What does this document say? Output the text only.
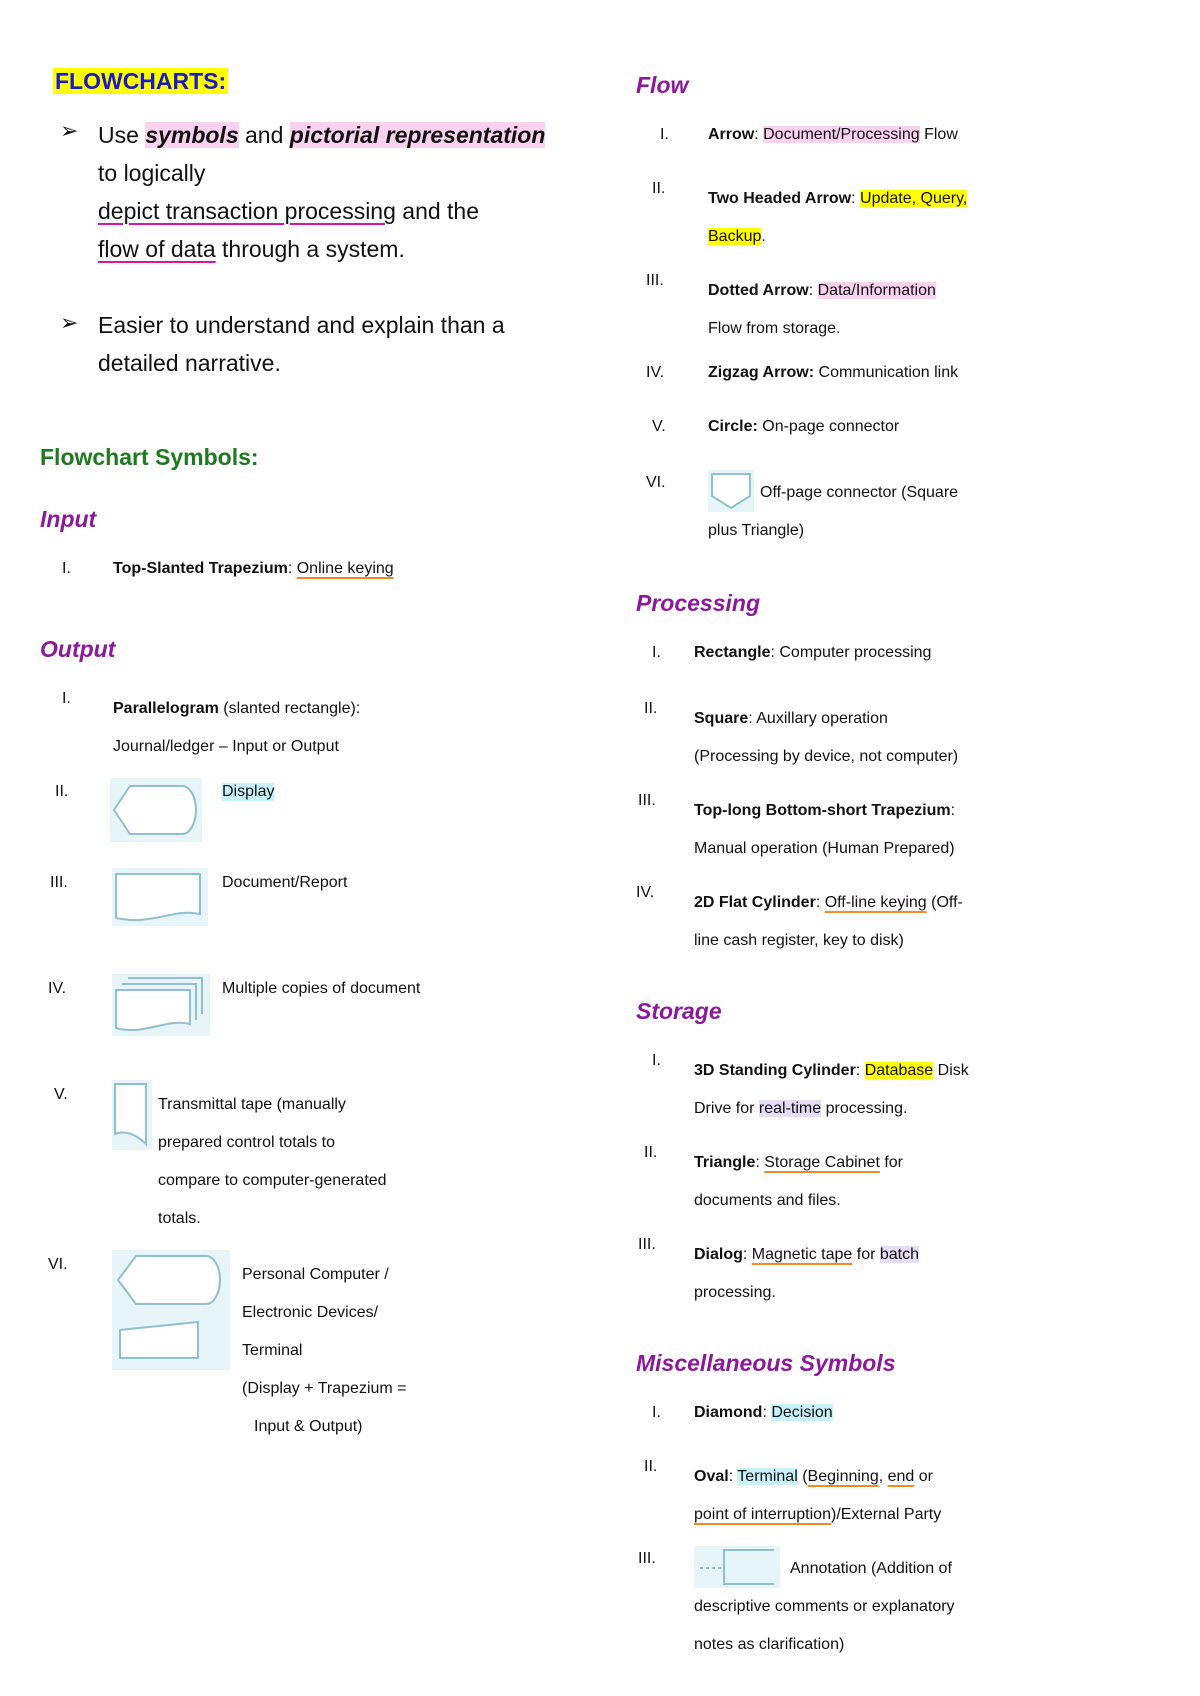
FLOWCHARTS:
➢ Use symbols and pictorial representation to logically
depict transaction processing and the
flow of data through a system.
➢ Easier to understand and explain than a
detailed narrative.
Flowchart Symbols:
Input
I.	Top-Slanted Trapezium: Online keying
Output
I.
Parallelogram (slanted rectangle):
Journal/ledger – Input or Output
II.	Display
III.	Document/Report
IV.	Multiple copies of document
V.
Transmittal tape (manually
prepared control totals to
compare to computer-generated
totals.
VI.
Personal Computer /
Electronic Devices/
Terminal
(Display + Trapezium =
Input & Output)
Flow
I.	Arrow: Document/Processing Flow
II.
Two Headed Arrow: Update, Query,
Backup.
III.
Dotted Arrow: Data/Information
Flow from storage.
IV.	Zigzag Arrow: Communication link
V.	Circle: On-page connector
VI.
Off-page connector (Square
plus Triangle)
Processing
I.	Rectangle: Computer processing
II.
Square: Auxillary operation
(Processing by device, not computer)
III.
Top-long Bottom-short Trapezium:
Manual operation (Human Prepared)
IV.
2D Flat Cylinder: Off-line keying (Off-
line cash register, key to disk)
Storage
I.
3D Standing Cylinder: Database Disk
Drive for real-time processing.
II.
Triangle: Storage Cabinet for
documents and files.
III.
Dialog: Magnetic tape for batch
processing.
Miscellaneous Symbols
I.	Diamond: Decision
II.
Oval: Terminal (Beginning, end or
point of interruption)/External Party
III.
Annotation (Addition of
descriptive comments or explanatory
notes as clarification)
